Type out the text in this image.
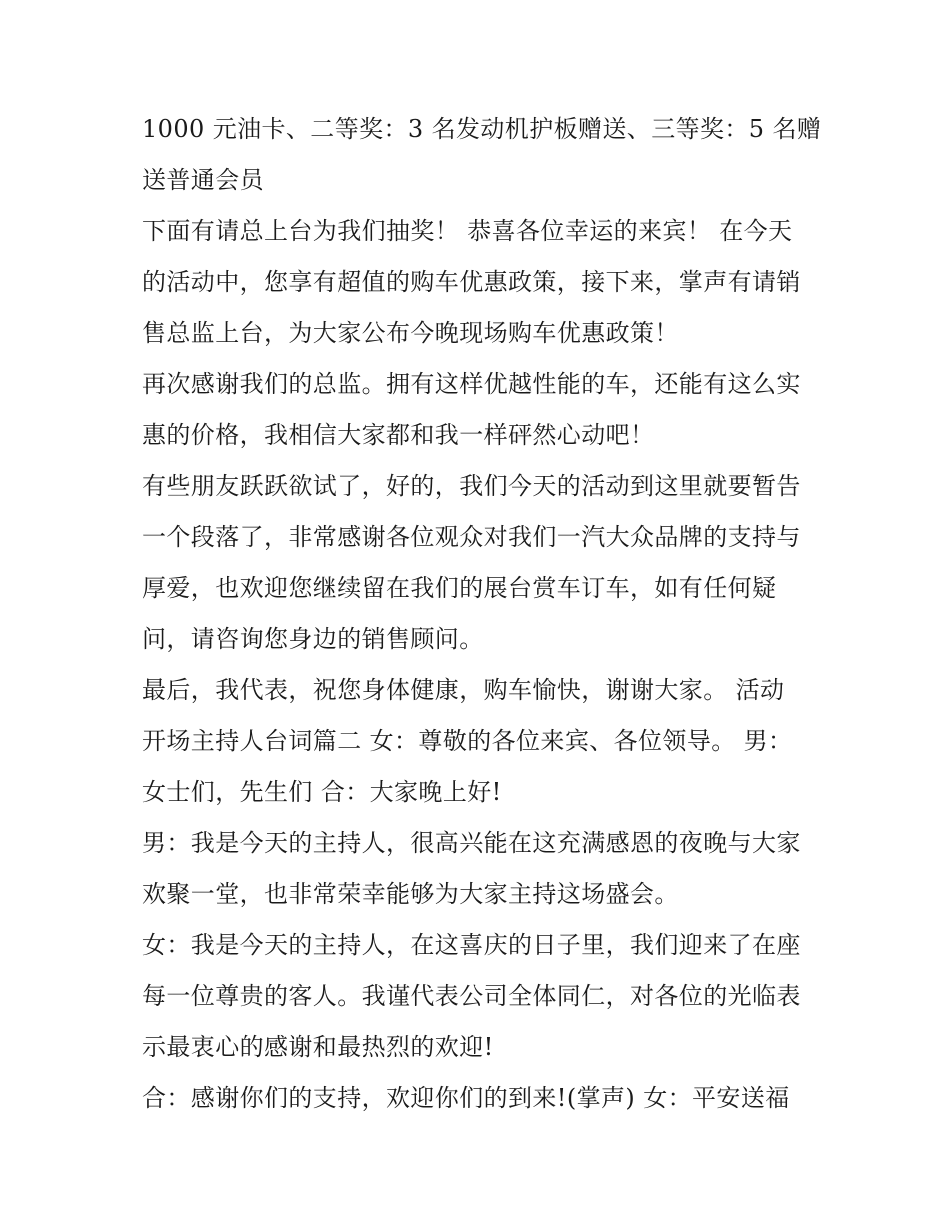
1000 元油卡、二等奖：3 名发动机护板赠送、三等奖：5 名赠
送普通会员
下面有请总上台为我们抽奖！ 恭喜各位幸运的来宾！ 在今天
的活动中，您享有超值的购车优惠政策，接下来，掌声有请销
售总监上台，为大家公布今晚现场购车优惠政策！
再次感谢我们的总监。拥有这样优越性能的车，还能有这么实
惠的价格，我相信大家都和我一样砰然心动吧！
有些朋友跃跃欲试了，好的，我们今天的活动到这里就要暂告
一个段落了，非常感谢各位观众对我们一汽大众品牌的支持与
厚爱，也欢迎您继续留在我们的展台赏车订车，如有任何疑
问，请咨询您身边的销售顾问。
最后，我代表，祝您身体健康，购车愉快，谢谢大家。 活动
开场主持人台词篇二 女：尊敬的各位来宾、各位领导。 男：
女士们，先生们 合：大家晚上好!
男：我是今天的主持人，很高兴能在这充满感恩的夜晚与大家
欢聚一堂，也非常荣幸能够为大家主持这场盛会。
女：我是今天的主持人，在这喜庆的日子里，我们迎来了在座
每一位尊贵的客人。我谨代表公司全体同仁，对各位的光临表
示最衷心的感谢和最热烈的欢迎!
合：感谢你们的支持，欢迎你们的到来!(掌声) 女：平安送福
